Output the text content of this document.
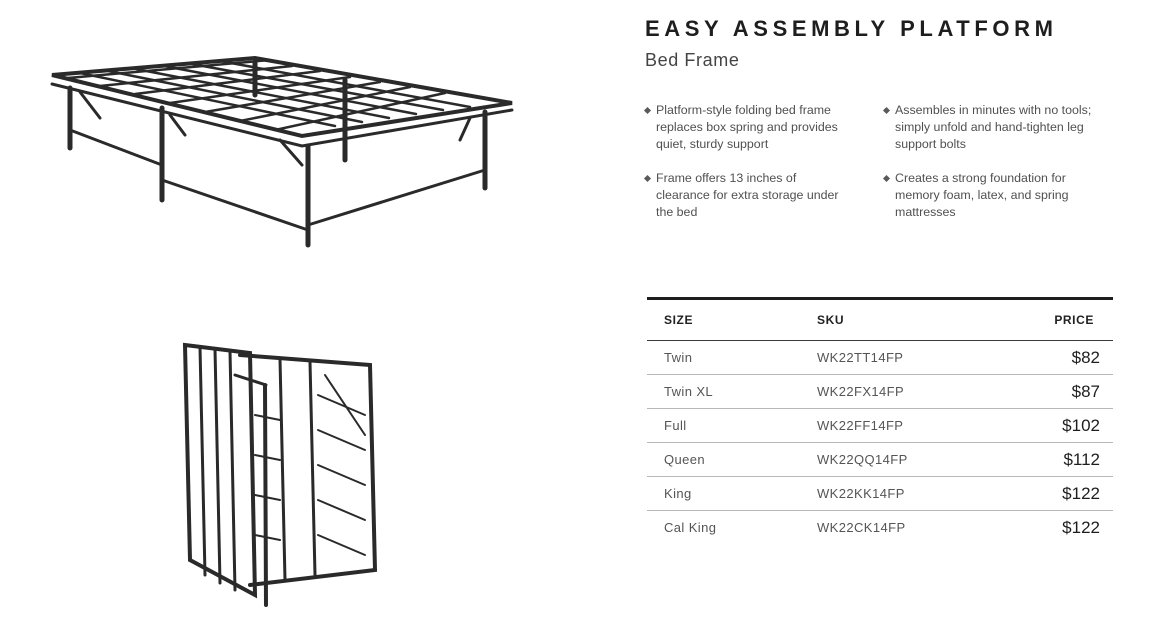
EASY ASSEMBLY PLATFORM
Bed Frame
Platform-style folding bed frame replaces box spring and provides quiet, sturdy support
Frame offers 13 inches of clearance for extra storage under the bed
Assembles in minutes with no tools; simply unfold and hand-tighten leg support bolts
Creates a strong foundation for memory foam, latex, and spring mattresses
SIZE	SKU	PRICE
Twin	WK22TT14FP	$82
Twin XL	WK22FX14FP	$87
Full	WK22FF14FP	$102
Queen	WK22QQ14FP	$112
King	WK22KK14FP	$122
Cal King	WK22CK14FP	$122
